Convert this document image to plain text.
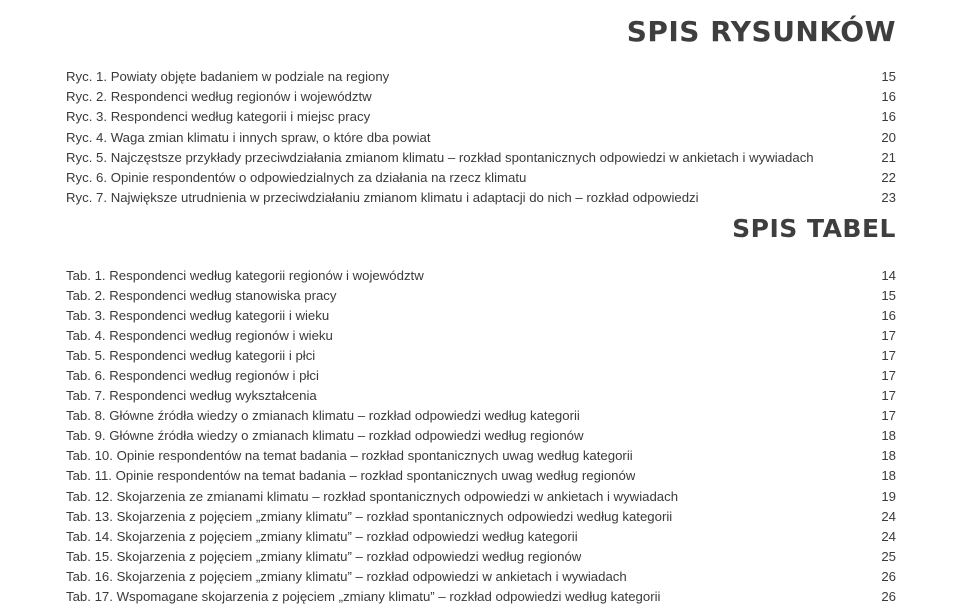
SPIS RYSUNKÓW
Ryc. 1. Powiaty objęte badaniem w podziale na regiony	15
Ryc. 2. Respondenci według regionów i województw	16
Ryc. 3. Respondenci według kategorii i miejsc pracy	16
Ryc. 4. Waga zmian klimatu i innych spraw, o które dba powiat	20
Ryc. 5. Najczęstsze przykłady przeciwdziałania zmianom klimatu – rozkład spontanicznych odpowiedzi w ankietach i wywiadach	21
Ryc. 6. Opinie respondentów o odpowiedzialnych za działania na rzecz klimatu	22
Ryc. 7. Największe utrudnienia w przeciwdziałaniu zmianom klimatu i adaptacji do nich – rozkład odpowiedzi	23
SPIS TABEL
Tab. 1. Respondenci według kategorii regionów i województw	14
Tab. 2. Respondenci według stanowiska pracy	15
Tab. 3. Respondenci według kategorii i wieku	16
Tab. 4. Respondenci według regionów i wieku	17
Tab. 5. Respondenci według kategorii i płci	17
Tab. 6. Respondenci według regionów i płci	17
Tab. 7. Respondenci według wykształcenia	17
Tab. 8. Główne źródła wiedzy o zmianach klimatu – rozkład odpowiedzi według kategorii	17
Tab. 9. Główne źródła wiedzy o zmianach klimatu – rozkład odpowiedzi według regionów	18
Tab. 10. Opinie respondentów na temat badania – rozkład spontanicznych uwag według kategorii	18
Tab. 11. Opinie respondentów na temat badania – rozkład spontanicznych uwag według regionów	18
Tab. 12. Skojarzenia ze zmianami klimatu – rozkład spontanicznych odpowiedzi w ankietach i wywiadach	19
Tab. 13. Skojarzenia z pojęciem „zmiany klimatu” – rozkład spontanicznych odpowiedzi według kategorii	24
Tab. 14. Skojarzenia z pojęciem „zmiany klimatu” – rozkład odpowiedzi według kategorii	24
Tab. 15. Skojarzenia z pojęciem „zmiany klimatu” – rozkład odpowiedzi według regionów	25
Tab. 16. Skojarzenia z pojęciem „zmiany klimatu” – rozkład odpowiedzi w ankietach i wywiadach	26
Tab. 17. Wspomagane skojarzenia z pojęciem „zmiany klimatu” – rozkład odpowiedzi według kategorii	26
